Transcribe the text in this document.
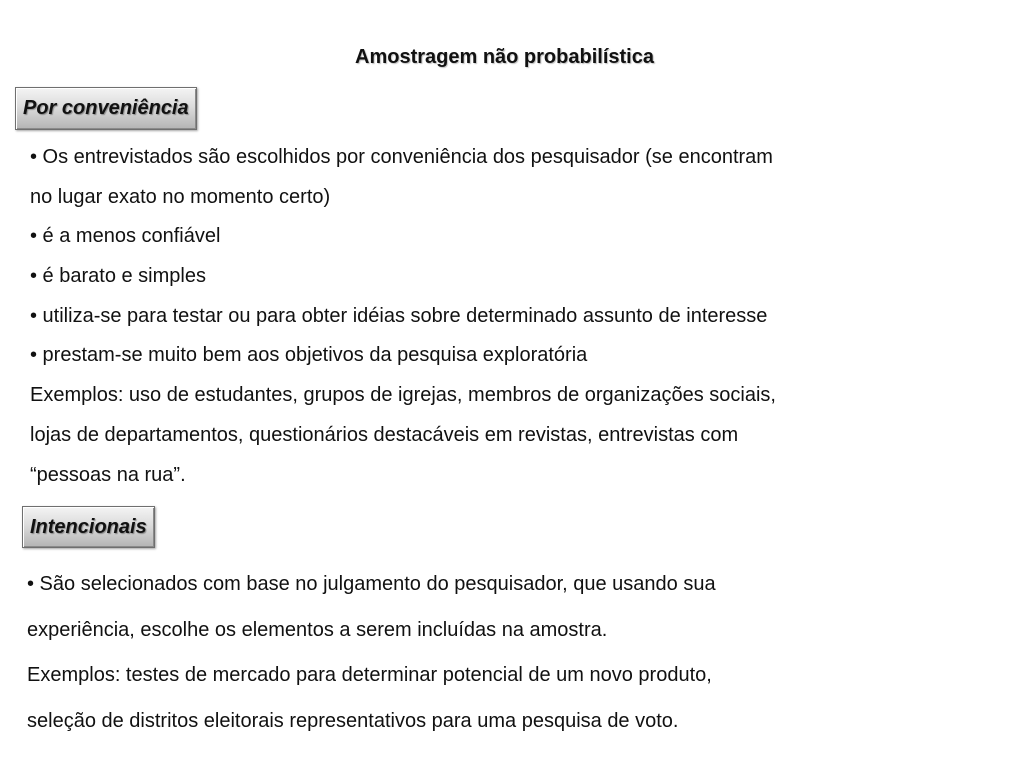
Amostragem não probabilística
Por conveniência
• Os entrevistados são escolhidos por conveniência dos pesquisador (se encontram
no lugar exato no momento certo)
• é a menos confiável
• é barato e simples
• utiliza-se para testar ou para obter idéias sobre determinado assunto de interesse
• prestam-se muito bem aos objetivos da pesquisa exploratória
Exemplos: uso de estudantes, grupos de igrejas, membros de organizações sociais,
lojas de departamentos, questionários destacáveis em revistas, entrevistas com
“pessoas na rua”.
Intencionais
• São selecionados com base no julgamento do pesquisador, que usando sua
experiência, escolhe os elementos a serem incluídas na amostra.
Exemplos: testes de mercado para determinar potencial de um novo produto,
seleção de distritos eleitorais representativos para uma pesquisa de voto.
